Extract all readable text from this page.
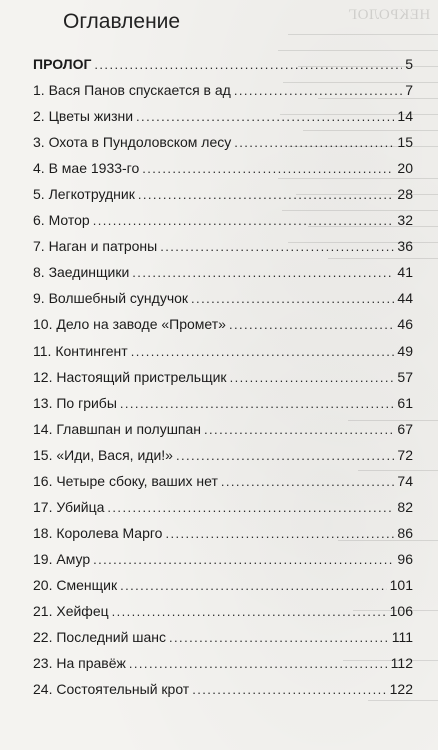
НЕКРОЛОГ
Оглавление
ПРОЛОГ .....	5
1. Вася Панов спускается в ад .....	7
2. Цветы жизни .....	14
3. Охота в Пундоловском лесу .....	15
4. В мае 1933-го .....	20
5. Легкотрудник .....	28
6. Мотор .....	32
7. Наган и патроны .....	36
8. Заединщики .....	41
9. Волшебный сундучок .....	44
10. Дело на заводе «Промет» .....	46
11. Контингент .....	49
12. Настоящий пристрельщик .....	57
13. По грибы .....	61
14. Главшпан и полушпан .....	67
15. «Иди, Вася, иди!» .....	72
16. Четыре сбоку, ваших нет .....	74
17. Убийца .....	82
18. Королева Марго .....	86
19. Амур .....	96
20. Сменщик .....	101
21. Хейфец .....	106
22. Последний шанс .....	111
23. На правёж .....	112
24. Состоятельный крот .....	122
